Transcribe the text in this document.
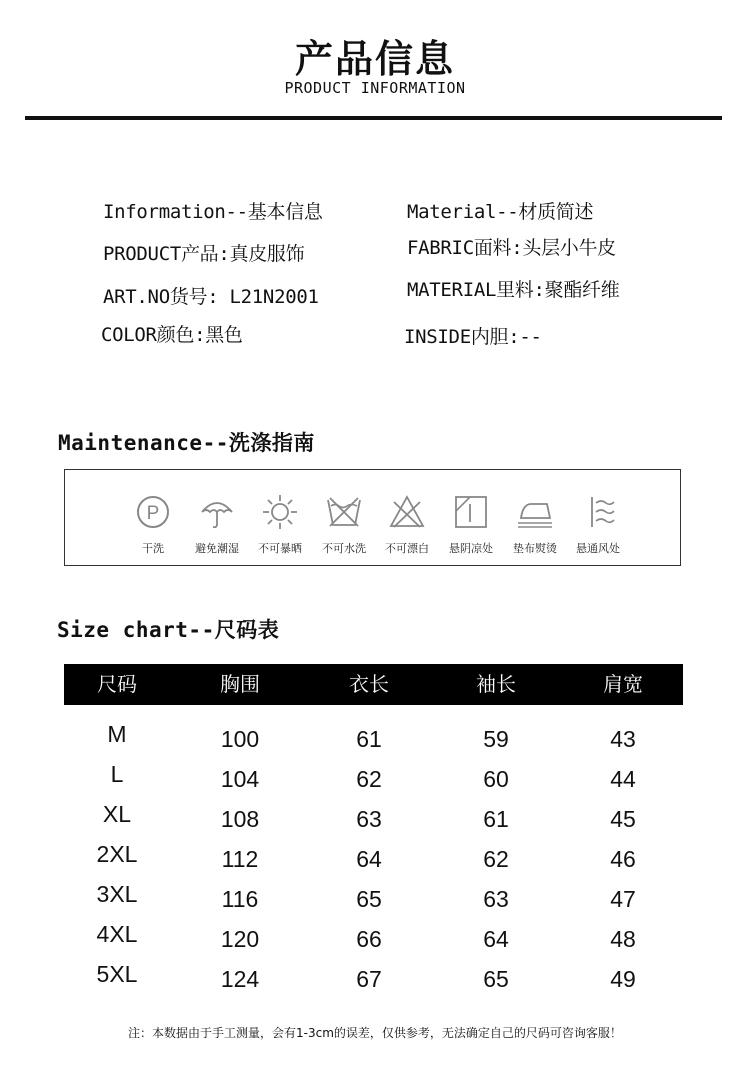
产品信息
PRODUCT INFORMATION
Information--基本信息
PRODUCT产品:真皮服饰
ART.NO货号: L21N2001
COLOR颜色:黑色
Material--材质简述
FABRIC面料:头层小牛皮
MATERIAL里料:聚酯纤维
INSIDE内胆:--
Maintenance--洗涤指南
P
干洗	避免潮湿	不可暴晒	不可水洗	不可漂白	悬阴凉处	垫布熨烫	悬通风处
Size chart--尺码表
尺码	胸围	衣长	袖长	肩宽
M	100	61	59	43
L	104	62	60	44
XL	108	63	61	45
2XL	112	64	62	46
3XL	116	65	63	47
4XL	120	66	64	48
5XL	124	67	65	49
注：本数据由于手工测量，会有1-3cm的误差，仅供参考，无法确定自己的尺码可咨询客服！
